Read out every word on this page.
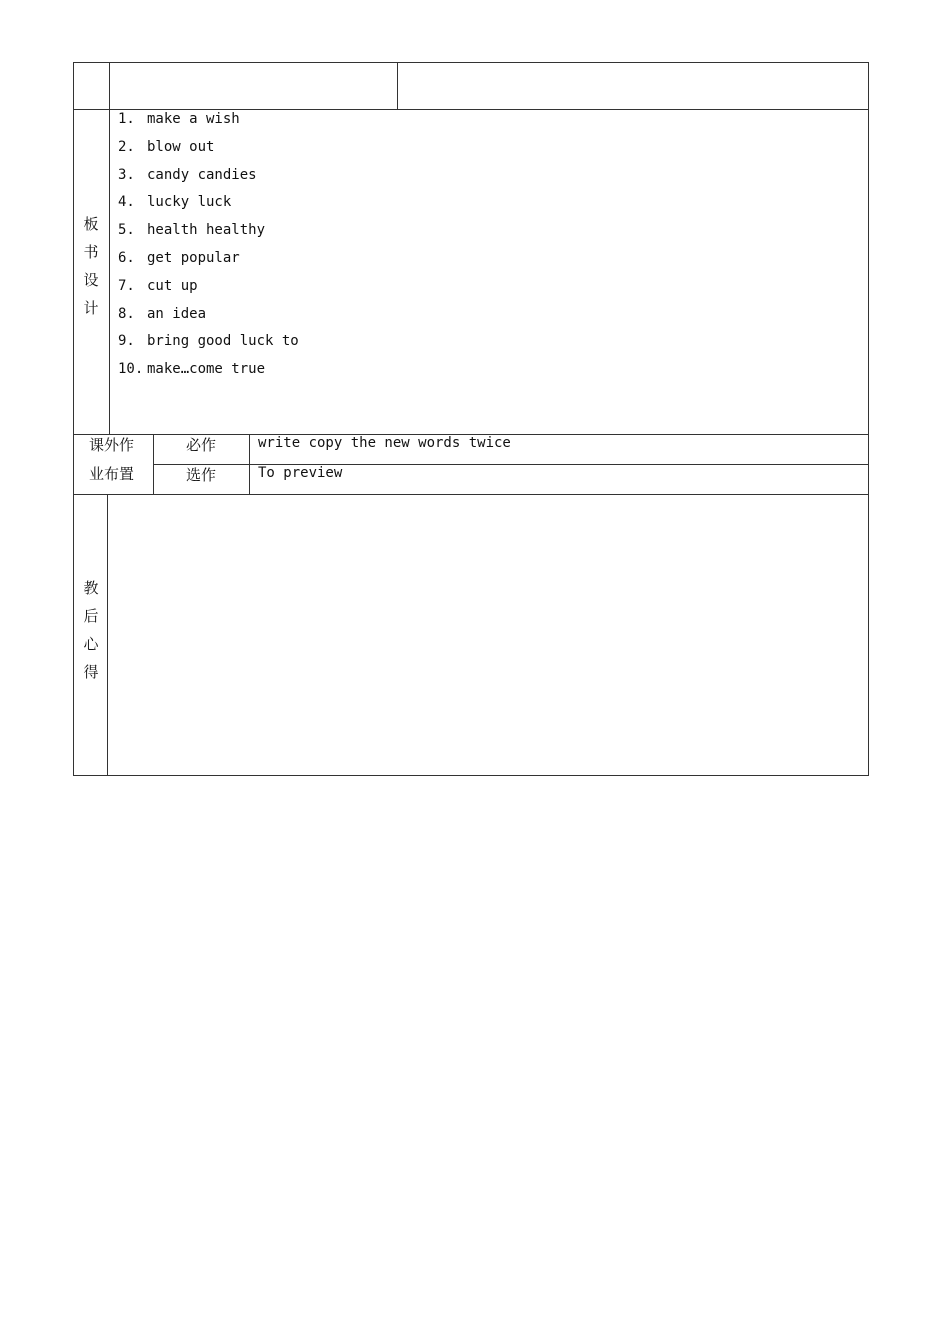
板
书
设
计
1. make a wish
2. blow out
3. candy candies
4. lucky luck
5. health healthy
6. get popular
7. cut up
8. an idea
9. bring good luck to
10. make…come true
课外作
业布置
必作
选作
write copy the new words twice
To preview
教
后
心
得
